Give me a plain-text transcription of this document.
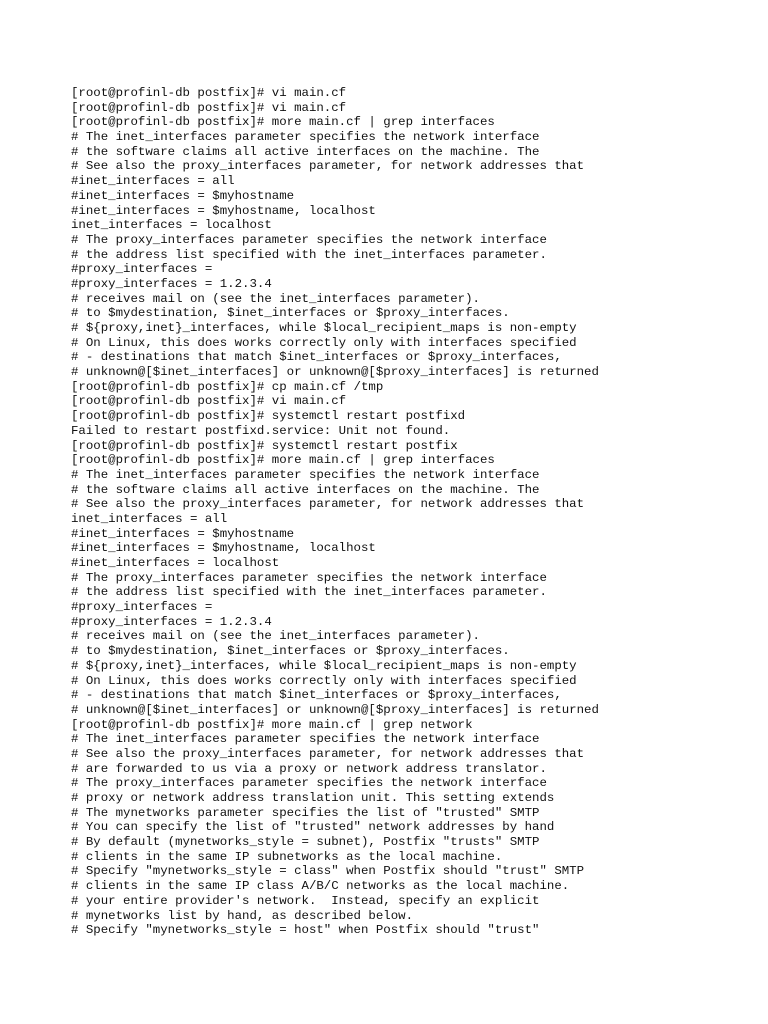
[root@profinl-db postfix]# vi main.cf
[root@profinl-db postfix]# vi main.cf
[root@profinl-db postfix]# more main.cf | grep interfaces
# The inet_interfaces parameter specifies the network interface
# the software claims all active interfaces on the machine. The
# See also the proxy_interfaces parameter, for network addresses that
#inet_interfaces = all
#inet_interfaces = $myhostname
#inet_interfaces = $myhostname, localhost
inet_interfaces = localhost
# The proxy_interfaces parameter specifies the network interface
# the address list specified with the inet_interfaces parameter.
#proxy_interfaces =
#proxy_interfaces = 1.2.3.4
# receives mail on (see the inet_interfaces parameter).
# to $mydestination, $inet_interfaces or $proxy_interfaces.
# ${proxy,inet}_interfaces, while $local_recipient_maps is non-empty
# On Linux, this does works correctly only with interfaces specified
# - destinations that match $inet_interfaces or $proxy_interfaces,
# unknown@[$inet_interfaces] or unknown@[$proxy_interfaces] is returned
[root@profinl-db postfix]# cp main.cf /tmp
[root@profinl-db postfix]# vi main.cf
[root@profinl-db postfix]# systemctl restart postfixd
Failed to restart postfixd.service: Unit not found.
[root@profinl-db postfix]# systemctl restart postfix
[root@profinl-db postfix]# more main.cf | grep interfaces
# The inet_interfaces parameter specifies the network interface
# the software claims all active interfaces on the machine. The
# See also the proxy_interfaces parameter, for network addresses that
inet_interfaces = all
#inet_interfaces = $myhostname
#inet_interfaces = $myhostname, localhost
#inet_interfaces = localhost
# The proxy_interfaces parameter specifies the network interface
# the address list specified with the inet_interfaces parameter.
#proxy_interfaces =
#proxy_interfaces = 1.2.3.4
# receives mail on (see the inet_interfaces parameter).
# to $mydestination, $inet_interfaces or $proxy_interfaces.
# ${proxy,inet}_interfaces, while $local_recipient_maps is non-empty
# On Linux, this does works correctly only with interfaces specified
# - destinations that match $inet_interfaces or $proxy_interfaces,
# unknown@[$inet_interfaces] or unknown@[$proxy_interfaces] is returned
[root@profinl-db postfix]# more main.cf | grep network
# The inet_interfaces parameter specifies the network interface
# See also the proxy_interfaces parameter, for network addresses that
# are forwarded to us via a proxy or network address translator.
# The proxy_interfaces parameter specifies the network interface
# proxy or network address translation unit. This setting extends
# The mynetworks parameter specifies the list of "trusted" SMTP
# You can specify the list of "trusted" network addresses by hand
# By default (mynetworks_style = subnet), Postfix "trusts" SMTP
# clients in the same IP subnetworks as the local machine.
# Specify "mynetworks_style = class" when Postfix should "trust" SMTP
# clients in the same IP class A/B/C networks as the local machine.
# your entire provider's network.  Instead, specify an explicit
# mynetworks list by hand, as described below.
# Specify "mynetworks_style = host" when Postfix should "trust"
